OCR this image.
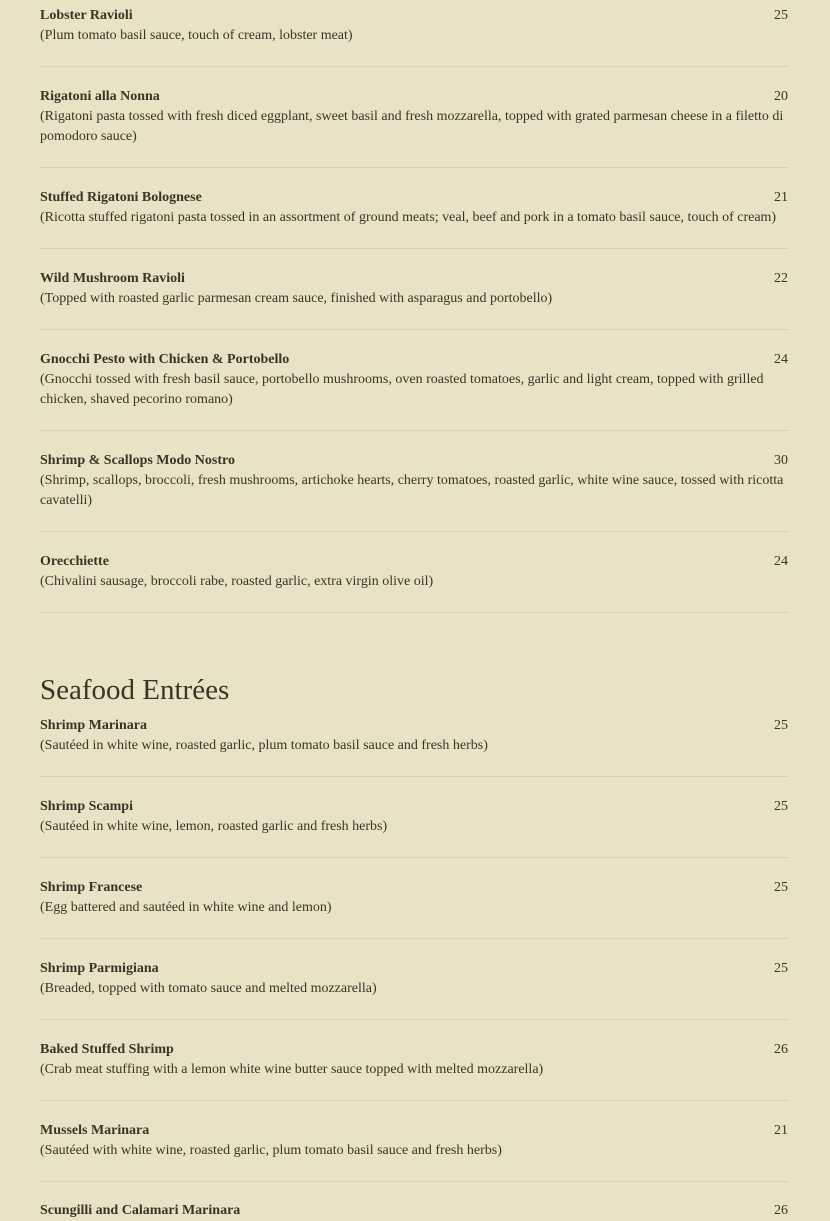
Lobster Ravioli	25
(Plum tomato basil sauce, touch of cream, lobster meat)
Rigatoni alla Nonna	20
(Rigatoni pasta tossed with fresh diced eggplant, sweet basil and fresh mozzarella, topped with grated parmesan cheese in a filetto di pomodoro sauce)
Stuffed Rigatoni Bolognese	21
(Ricotta stuffed rigatoni pasta tossed in an assortment of ground meats; veal, beef and pork in a tomato basil sauce, touch of cream)
Wild Mushroom Ravioli	22
(Topped with roasted garlic parmesan cream sauce, finished with asparagus and portobello)
Gnocchi Pesto with Chicken & Portobello	24
(Gnocchi tossed with fresh basil sauce, portobello mushrooms, oven roasted tomatoes, garlic and light cream, topped with grilled chicken, shaved pecorino romano)
Shrimp & Scallops Modo Nostro	30
(Shrimp, scallops, broccoli, fresh mushrooms, artichoke hearts, cherry tomatoes, roasted garlic, white wine sauce, tossed with ricotta cavatelli)
Orecchiette	24
(Chivalini sausage, broccoli rabe, roasted garlic, extra virgin olive oil)
Seafood Entrées
Shrimp Marinara	25
(Sautéed in white wine, roasted garlic, plum tomato basil sauce and fresh herbs)
Shrimp Scampi	25
(Sautéed in white wine, lemon, roasted garlic and fresh herbs)
Shrimp Francese	25
(Egg battered and sautéed in white wine and lemon)
Shrimp Parmigiana	25
(Breaded, topped with tomato sauce and melted mozzarella)
Baked Stuffed Shrimp	26
(Crab meat stuffing with a lemon white wine butter sauce topped with melted mozzarella)
Mussels Marinara	21
(Sautéed with white wine, roasted garlic, plum tomato basil sauce and fresh herbs)
Scungilli and Calamari Marinara	26
